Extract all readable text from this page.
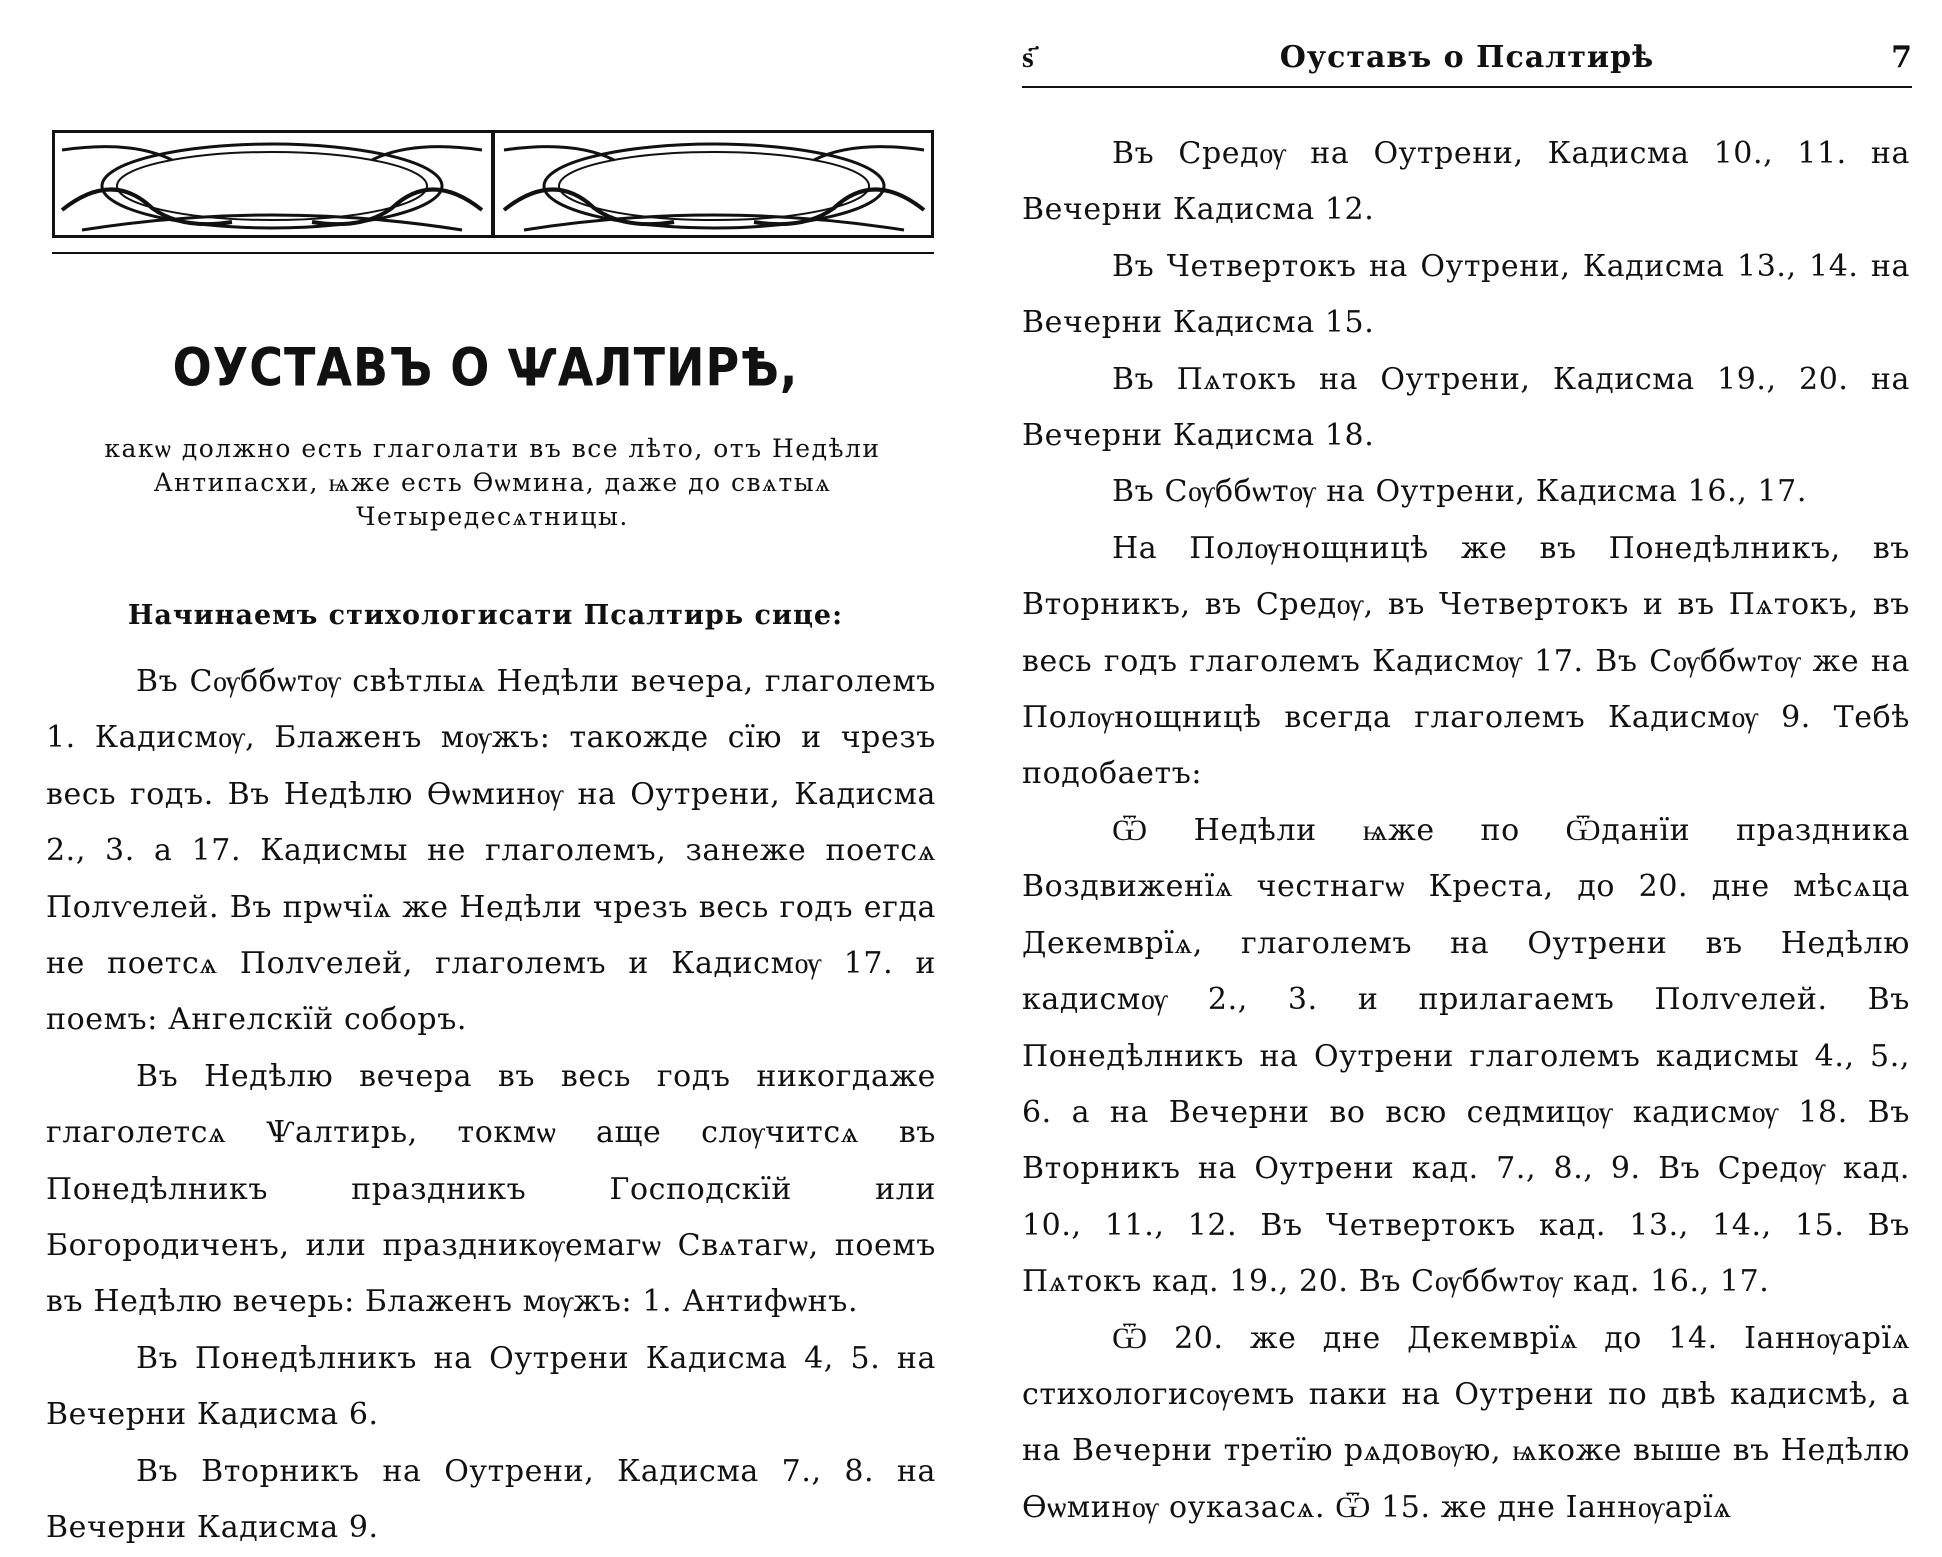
ОУСТАВЪ О ѰАЛТИРѢ,
какѡ должно есть глаголати въ все лѣто, отъ Недѣли Антипасхи, ѩже есть Ѳѡмина, даже до свѧтыѧ Четыредесѧтницы.
Начинаемъ стихологисати Псалтирь сице:

Въ Сѹббѡтѹ свѣтлыѧ Недѣли вечера, глаголемъ 1. Кадисмѹ, Блаженъ мѹжъ: такожде сїю и чрезъ весь годъ. Въ Недѣлю Ѳѡминѹ на Оутрени, Кадисма 2., 3. а 17. Кадисмы не глаголемъ, занеже поетсѧ Полѵелей. Въ прѡчїѧ же Недѣли чрезъ весь годъ егда не поетсѧ Полѵелей, глаголемъ и Кадисмѹ 17. и поемъ: Ангелскїй соборъ.

Въ Недѣлю вечера въ весь годъ никогдаже глаголетсѧ Ѱалтирь, токмѡ аще слѹчитсѧ въ Понедѣлникъ праздникъ Господскїй или Богородиченъ, или праздникѹемагѡ Свѧтагѡ, поемъ въ Недѣлю вечерь: Блаженъ мѹжъ: 1. Антифѡнъ.

Въ Понедѣлникъ на Оутрени Кадисма 4, 5. на Вечерни Кадисма 6.

Въ Вторникъ на Оутрени, Кадисма 7., 8. на Вечерни Кадисма 9.

ѕ҃	Оуставъ о Псалтирѣ	7

Въ Средѹ на Оутрени, Кадисма 10., 11. на Вечерни Кадисма 12.

Въ Четвертокъ на Оутрени, Кадисма 13., 14. на Вечерни Кадисма 15.

Въ Пѧтокъ на Оутрени, Кадисма 19., 20. на Вечерни Кадисма 18.

Въ Сѹббѡтѹ на Оутрени, Кадисма 16., 17.

На Полѹнощницѣ же въ Понедѣлникъ, въ Вторникъ, въ Средѹ, въ Четвертокъ и въ Пѧтокъ, въ весь годъ глаголемъ Кадисмѹ 17. Въ Сѹббѡтѹ же на Полѹнощницѣ всегда глаголемъ Кадисмѹ 9. Тебѣ подобаетъ:

Ѿ Недѣли ѩже по Ѿданїи праздника Воздвиженїѧ честнагѡ Креста, до 20. дне мѣсѧца Декемврїѧ, глаголемъ на Оутрени въ Недѣлю кадисмѹ 2., 3. и прилагаемъ Полѵелей. Въ Понедѣлникъ на Оутрени глаголемъ кадисмы 4., 5., 6. а на Вечерни во всю седмицѹ кадисмѹ 18. Въ Вторникъ на Оутрени кад. 7., 8., 9. Въ Средѹ кад. 10., 11., 12. Въ Четвертокъ кад. 13., 14., 15. Въ Пѧтокъ кад. 19., 20. Въ Сѹббѡтѹ кад. 16., 17.

Ѿ 20. же дне Декемврїѧ до 14. Іаннѹарїѧ стихологисѹемъ паки на Оутрени по двѣ кадисмѣ, а на Вечерни третїю рѧдовѹю, ѩкоже выше въ Недѣлю Ѳѡминѹ оуказасѧ. Ѿ 15. же дне Іаннѹарїѧ
